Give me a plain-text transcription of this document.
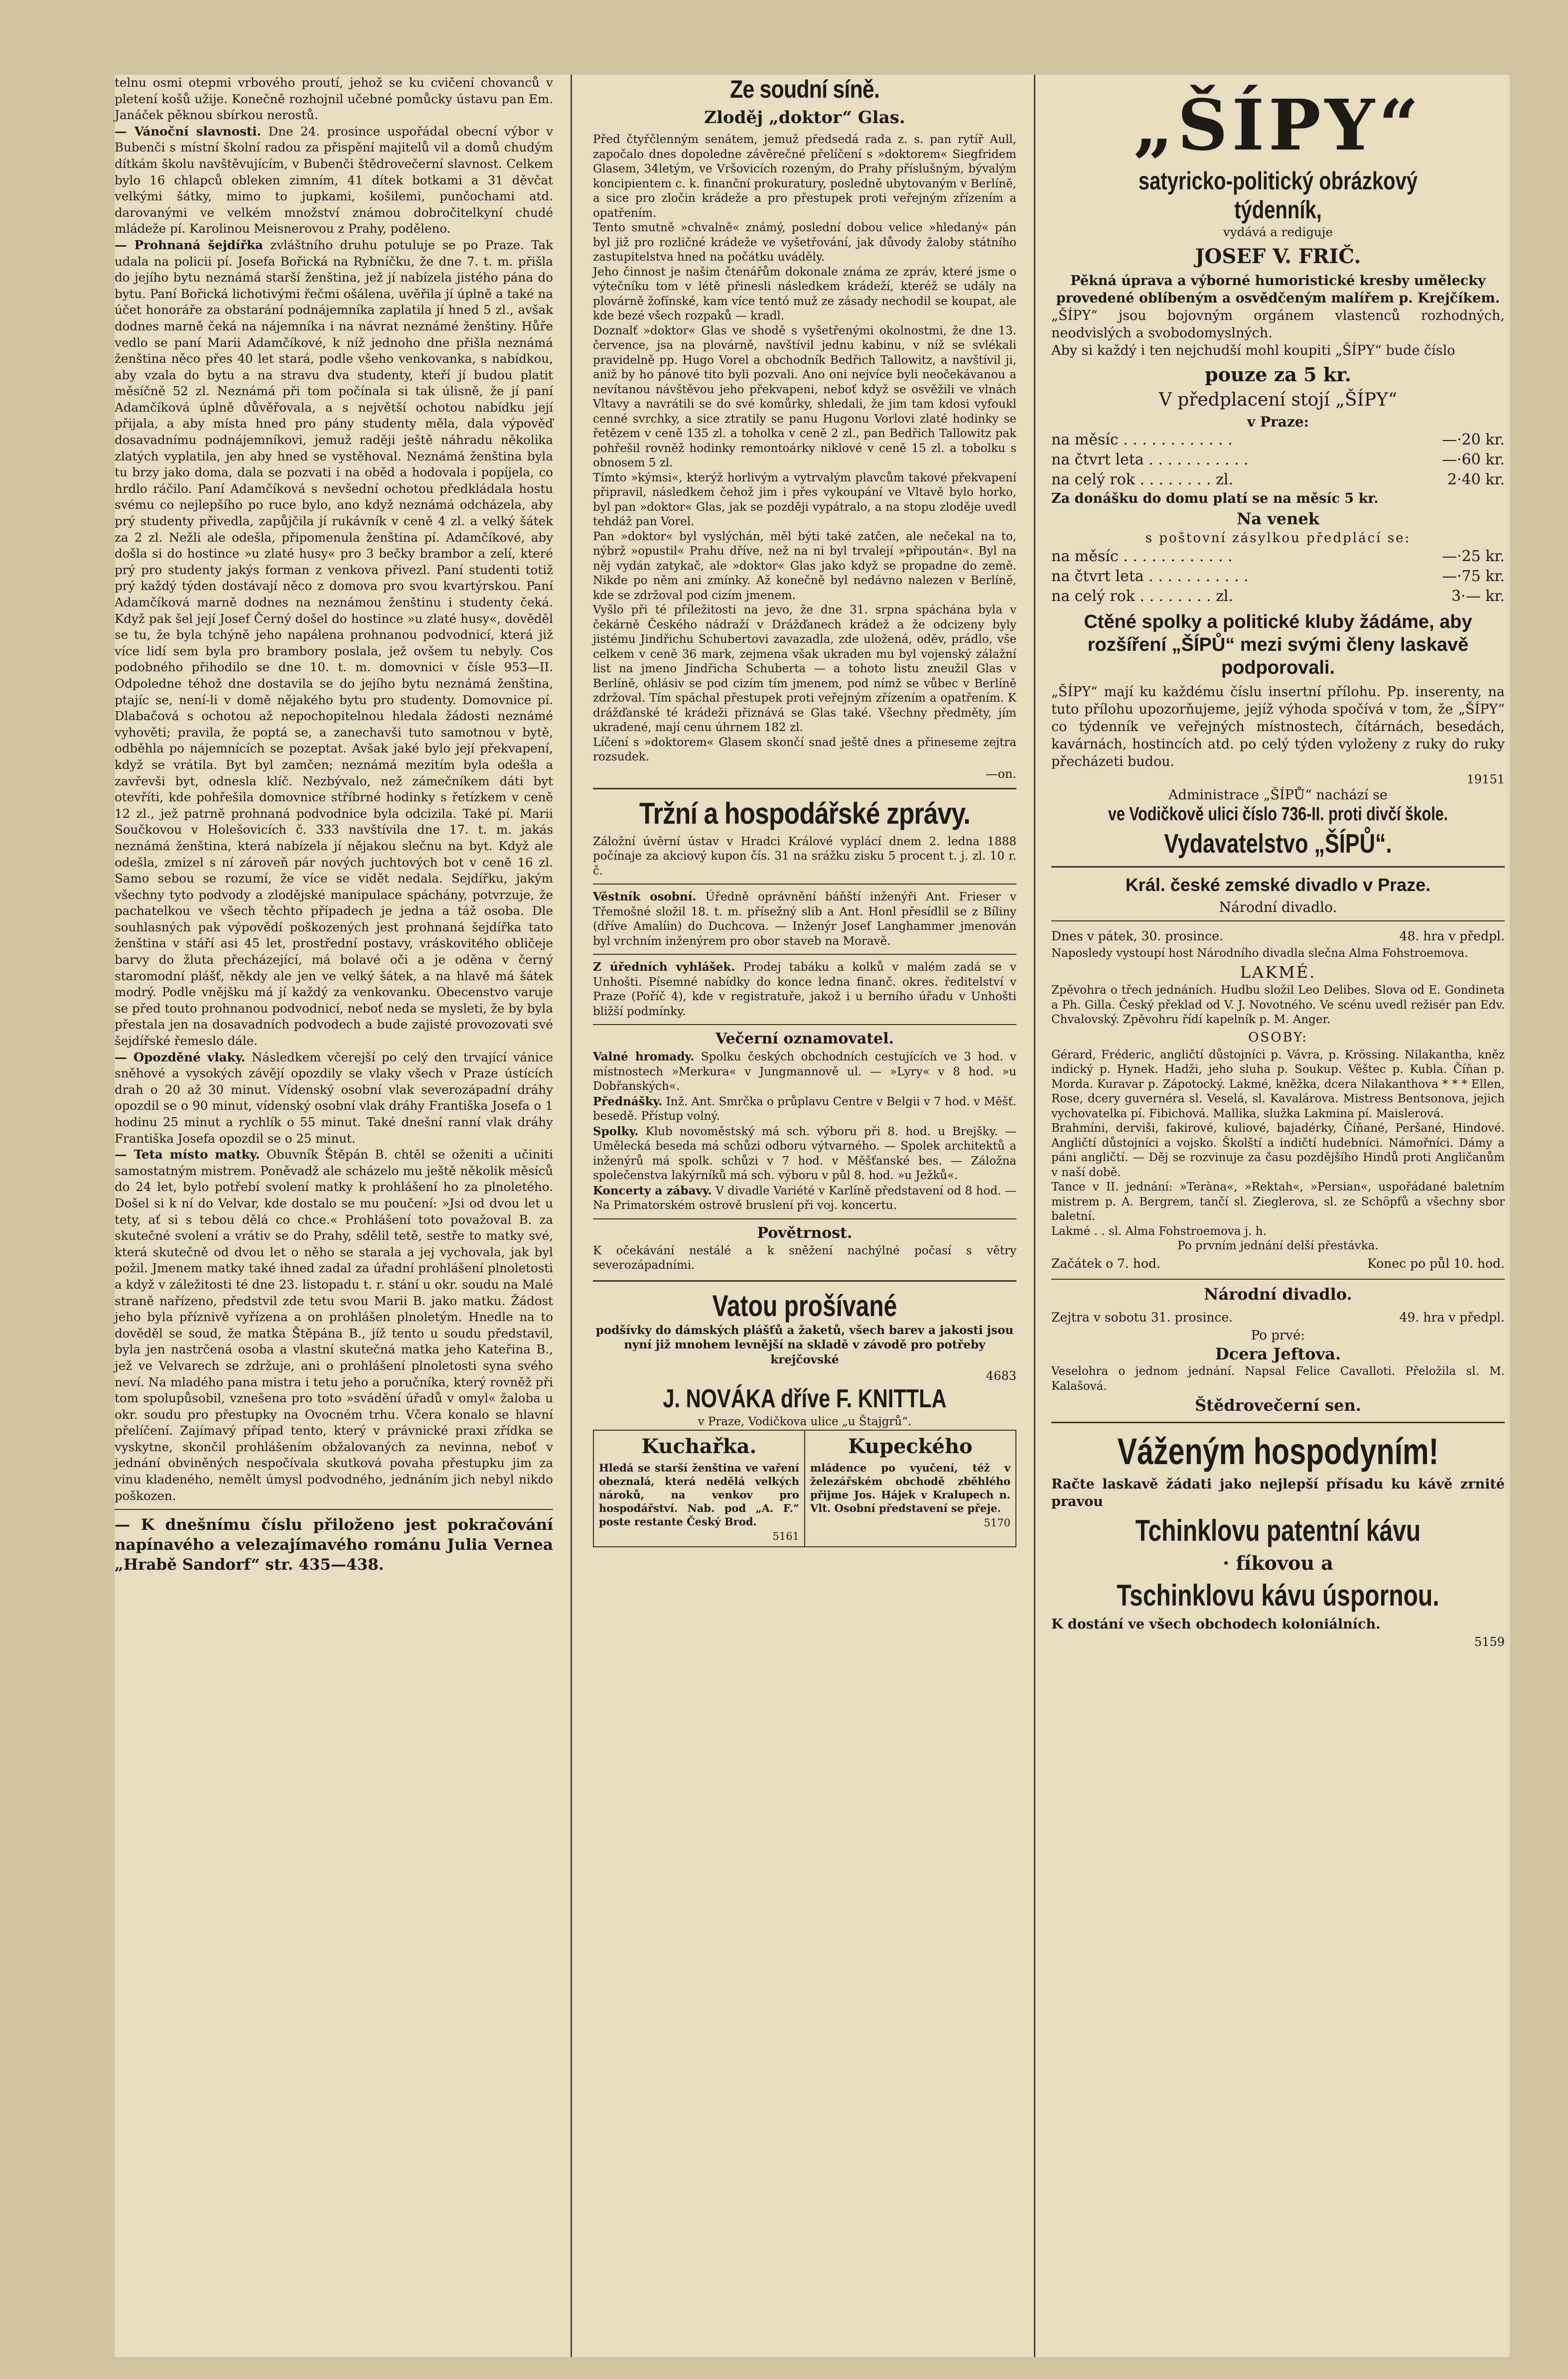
telnu osmi otepmi vrbového proutí, jehož se ku cvičení chovanců v pletení košů užije. Konečně rozhojnil učebné pomůcky ústavu pan Em. Janáček pěknou sbírkou nerostů.

— Vánoční slavnosti. Dne 24. prosince uspořádal obecní výbor v Bubenči s místní školní radou za přispění majitelů vil a domů chudým dítkám školu navštěvujícím, v Bubenči štědrovečerní slavnost. Celkem bylo 16 chlapců obleken zimním, 41 dítek botkami a 31 děvčat velkými šátky, mimo to jupkami, košilemi, punčochami atd. darovanými ve velkém množství známou dobročitelkyní chudé mládeže pí. Karolinou Meisnerovou z Prahy, poděleno.

— Prohnaná šejdířka zvláštního druhu potuluje se po Praze. Tak udala na policii pí. Josefa Bořická na Rybníčku, že dne 7. t. m. přišla do jejího bytu neznámá starší ženština, jež jí nabízela jistého pána do bytu. Paní Bořická lichotivými řečmi ošálena, uvěřila jí úplně a také na účet honoráře za obstarání podnájemníka zaplatila jí hned 5 zl., avšak dodnes marně čeká na nájemníka i na návrat neznámé ženštiny. Hůře vedlo se paní Marii Adamčíkové, k níž jednoho dne přišla neznámá ženština něco přes 40 let stará, podle všeho venkovanka, s nabídkou, aby vzala do bytu a na stravu dva studenty, kteří jí budou platit měsíčně 52 zl. Neznámá při tom počínala si tak úlisně, že jí paní Adamčíková úplně důvěřovala, a s největší ochotou nabídku její přijala, a aby místa hned pro pány studenty měla, dala výpověď dosavadnímu podnájemníkovi, jemuž raději ještě náhradu několika zlatých vyplatila, jen aby hned se vystěhoval. Neznámá ženština byla tu brzy jako doma, dala se pozvati i na oběd a hodovala i popíjela, co hrdlo ráčilo. Paní Adamčíková s nevšední ochotou předkládala hostu svému co nejlepšího po ruce bylo, ano když neznámá odcházela, aby prý studenty přivedla, zapůjčila jí rukávník v ceně 4 zl. a velký šátek za 2 zl. Nežli ale odešla, připomenula ženština pí. Adamčíkové, aby došla si do hostince »u zlaté husy« pro 3 bečky brambor a zelí, které prý pro studenty jakýs forman z venkova přivezl. Paní studenti totiž prý každý týden dostávají něco z domova pro svou kvartýrskou. Paní Adamčíková marně dodnes na neznámou ženštinu i studenty čeká. Když pak šel její Josef Černý došel do hostince »u zlaté husy«, dověděl se tu, že byla tchýně jeho napálena prohnanou podvodnicí, která již více lidí sem byla pro brambory poslala, jež ovšem tu nebyly. Cos podobného přihodilo se dne 10. t. m. domovnici v čísle 953—II. Odpoledne téhož dne dostavila se do jejího bytu neznámá ženština, ptajíc se, není-li v domě nějakého bytu pro studenty. Domovnice pí. Dlabačová s ochotou až nepochopitelnou hledala žádosti neznámé vyhověti; pravila, že poptá se, a zanechavši tuto samotnou v bytě, odběhla po nájemnících se pozeptat. Avšak jaké bylo její překvapení, když se vrátila. Byt byl zamčen; neznámá mezitím byla odešla a zavřevši byt, odnesla klíč. Nezbývalo, než zámečníkem dáti byt otevříti, kde pohřešila domovnice stříbrné hodinky s řetízkem v ceně 12 zl., jež patrně prohnaná podvodnice byla odcizila. Také pí. Marii Součkovou v Holešovicích č. 333 navštívila dne 17. t. m. jakás neznámá ženština, která nabízela jí nějakou slečnu na byt. Když ale odešla, zmizel s ní zároveň pár nových juchtových bot v ceně 16 zl. Samo sebou se rozumí, že více se vidět nedala. Sejdířku, jakým všechny tyto podvody a zlodějské manipulace spáchány, potvrzuje, že pachatelkou ve všech těchto případech je jedna a táž osoba. Dle souhlasných pak výpovědí poškozených jest prohnaná šejdířka tato ženština v stáří asi 45 let, prostřední postavy, vráskovitého obličeje barvy do žluta přecházející, má bolavé oči a je oděna v černý staromodní plášť, někdy ale jen ve velký šátek, a na hlavě má šátek modrý. Podle vnějšku má jí každý za venkovanku. Obecenstvo varuje se před touto prohnanou podvodnicí, neboť neda se mysleti, že by byla přestala jen na dosavadních podvodech a bude zajisté provozovati své šejdířské řemeslo dále.

— Opozděné vlaky. Následkem včerejší po celý den trvající vánice sněhové a vysokých závějí opozdily se vlaky všech v Praze ústících drah o 20 až 30 minut. Vídenský osobní vlak severozápadní dráhy opozdil se o 90 minut, vídenský osobní vlak dráhy Františka Josefa o 1 hodinu 25 minut a rychlík o 55 minut. Také dnešní ranní vlak dráhy Františka Josefa opozdil se o 25 minut.

— Teta místo matky. Obuvník Štěpán B. chtěl se oženiti a učiniti samostatným mistrem. Poněvadž ale scházelo mu ještě několik měsíců do 24 let, bylo potřebí svolení matky k prohlášení ho za plnoletého. Došel si k ní do Velvar, kde dostalo se mu poučení: »Jsi od dvou let u tety, ať si s tebou dělá co chce.« Prohlášení toto považoval B. za skutečné svolení a vrátiv se do Prahy, sdělil tetě, sestře to matky své, která skutečně od dvou let o něho se starala a jej vychovala, jak byl požil. Jmenem matky také ihned zadal za úřadní prohlášení plnoletosti a když v záležitosti té dne 23. listopadu t. r. stání u okr. soudu na Malé straně nařízeno, předstvil zde tetu svou Marii B. jako matku. Žádost jeho byla příznivě vyřízena a on prohlášen plnoletým. Hnedle na to dověděl se soud, že matka Štěpána B., jíž tento u soudu představil, byla jen nastrčená osoba a vlastní skutečná matka jeho Kateřina B., jež ve Velvarech se zdržuje, ani o prohlášení plnoletosti syna svého neví. Na mladého pana mistra i tetu jeho a poručníka, který rovněž při tom spolupůsobil, vznešena pro toto »svádění úřadů v omyl« žaloba u okr. soudu pro přestupky na Ovocném trhu. Včera konalo se hlavní přelíčení. Zajímavý případ tento, který v právnické praxi zřídka se vyskytne, skončil prohlášením obžalovaných za nevinna, neboť v jednání obviněných nespočívala skutková povaha přestupku jim za vinu kladeného, nemělt úmysl podvodného, jednáním jich nebyl nikdo poškozen.

— K dnešnímu číslu přiloženo jest pokračování napínavého a velezajímavého románu Julia Vernea „Hrabě Sandorf“ str. 435—438.

Ze soudní síně.
Zloděj „doktor“ Glas.

Před čtyřčlenným senátem, jemuž předsedá rada z. s. pan rytíř Aull, započalo dnes dopoledne závěrečné přelíčení s »doktorem« Siegfridem Glasem, 34letým, ve Vršovicích rozeným, do Prahy příslušným, bývalým koncipientem c. k. finanční prokuratury, posledně ubytovaným v Berlíně, a sice pro zločin krádeže a pro přestupek proti veřejným zřízením a opatřením.

Tento smutně »chvalně« známý, poslední dobou velice »hledaný« pán byl již pro rozličné krádeže ve vyšetřování, jak důvody žaloby státního zastupitelstva hned na počátku uváděly.

Jeho činnost je našim čtenářům dokonale známa ze zpráv, které jsme o výtečníku tom v létě přinesli následkem krádeží, kteréž se udály na plovárně žofínské, kam více tentó muž ze zásady nechodil se koupat, ale kde bezé všech rozpaků — kradl.

Doznalť »doktor« Glas ve shodě s vyšetřenými okolnostmi, že dne 13. července, jsa na plovárně, navštívil jednu kabinu, v níž se svlékali pravidelně pp. Hugo Vorel a obchodník Bedřich Tallowitz, a navštívil ji, aniž by ho pánové tito byli pozvali. Ano oni nejvíce byli neočekávanou a nevítanou návštěvou jeho překvapeni, neboť když se osvěžili ve vlnách Vltavy a navrátili se do své komůrky, shledali, že jim tam kdosi vyfoukl cenné svrchky, a sice ztratily se panu Hugonu Vorlovi zlaté hodinky se řetězem v ceně 135 zl. a toholka v ceně 2 zl., pan Bedřich Tallowitz pak pohřešil rovněž hodinky remontoárky niklové v ceně 15 zl. a tobolku s obnosem 5 zl.

Tímto »kýmsi«, kterýž horlivým a vytrvalým plavcům takové překvapení připravil, následkem čehož jim i přes vykoupání ve Vltavě bylo horko, byl pan »doktor« Glas, jak se později vypátralo, a na stopu zloděje uvedl tehdáž pan Vorel.

Pan »doktor« byl vyslýchán, měl býti také zatčen, ale nečekal na to, nýbrž »opustil« Prahu dříve, než na ni byl trvalejí »připoután«. Byl na něj vydán zatykač, ale »doktor« Glas jako když se propadne do země. Nikde po něm ani zmínky. Až konečně byl nedávno nalezen v Berlíně, kde se zdržoval pod cizím jmenem.

Vyšlo při té příležitosti na jevo, že dne 31. srpna spáchána byla v čekárně Českého nádraží v Drážďanech krádež a že odcizeny byly jistému Jindřichu Schubertovi zavazadla, zde uložená, oděv, prádlo, vše celkem v ceně 36 mark, zejmena však ukraden mu byl vojenský zálažní list na jmeno Jindřicha Schuberta — a tohoto listu zneužil Glas v Berlíně, ohlásiv se pod cizím tím jmenem, pod nímž se vůbec v Berlíně zdržoval. Tím spáchal přestupek proti veřejným zřízením a opatřením. K drážďanské té krádeži přiznává se Glas také. Všechny předměty, jím ukradené, mají cenu úhrnem 182 zl.

Líčení s »doktorem« Glasem skončí snad ještě dnes a přineseme zejtra rozsudek.

—on.
Tržní a hospodářské zprávy.

Záložní úvěrní ústav v Hradci Králové vyplácí dnem 2. ledna 1888 počínaje za akciový kupon čís. 31 na srážku zisku 5 procent t. j. zl. 10 r. č.

Věstník osobní. Úředně oprávnění báňští inženýři Ant. Frieser v Třemošné složil 18. t. m. přísežný slib a Ant. Honl přesídlil se z Bíliny (dříve Amalíin) do Duchcova. — Inženýr Josef Langhammer jmenován byl vrchním inženýrem pro obor staveb na Moravě.

Z úředních vyhlášek. Prodej tabáku a kolků v malém zadá se v Unhošti. Písemné nabídky do konce ledna finanč. okres. ředitelství v Praze (Poříč 4), kde v registratuře, jakož i u berního úřadu v Unhošti bližší podmínky.

Večerní oznamovatel.

Valné hromady. Spolku českých obchodních cestujících ve 3 hod. v místnostech »Merkura« v Jungmannově ul. — »Lyry« v 8 hod. »u Dobřanských«.

Přednášky. Inž. Ant. Smrčka o průplavu Centre v Belgii v 7 hod. v Měšť. besedě. Přístup volný.

Spolky. Klub novoměstský má sch. výboru při 8. hod. u Brejšky. — Umělecká beseda má schůzi odboru výtvarného. — Spolek architektů a inženýrů má spolk. schůzi v 7 hod. v Měšťanské bes. — Záložna společenstva lakýrníků má sch. výboru v půl 8. hod. »u Ježků«.

Koncerty a zábavy. V divadle Variété v Karlíně představení od 8 hod. — Na Primatorském ostrově bruslení při voj. koncertu.

Povětrnost.

K očekávání nestálé a k sněžení nachýlné počasí s větry severozápadními.

Vatou prošívané

podšívky do dámských plášťů a žaketů, všech barev a jakosti jsou nyní již mnohem levnější na skladě v závodě pro potřeby krejčovské

4683
J. NOVÁKA dříve F. KNITTLA

v Praze, Vodičkova ulice „u Štajgrů“.

Kuchařka.

Hledá se starší ženština ve vaření obeznalá, která nedělá velkých nároků, na venkov pro hospodářství. Nab. pod „A. F.“ poste restante Český Brod.

5161
Kupeckého

mládence po vyučení, též v železářském obchodě zběhlého přijme Jos. Hájek v Kralupech n. Vlt. Osobní představení se přeje.

5170
„ŠÍPY“
satyricko-politický obrázkový týdenník,

vydává a rediguje

JOSEF V. FRIČ.

Pěkná úprava a výborné humoristické kresby umělecky provedené oblíbeným a osvědčeným malířem p. Krejčíkem.

„ŠÍPY“ jsou bojovným orgánem vlastenců rozhodných, neodvislých a svobodomyslných.

Aby si každý i ten nejchudší mohl koupiti „ŠÍPY“ bude číslo

pouze za 5 kr.
V předplacení stojí „ŠÍPY“

v Praze:

na měsíc . . . . . . . . . . . .	—·20 kr.
na čtvrt leta . . . . . . . . . . .	—·60 kr.
na celý rok . . . . . . . . zl.	2·40 kr.

Za donášku do domu platí se na měsíc 5 kr.

Na venek

s poštovní zásylkou předplácí se:

na měsíc . . . . . . . . . . . .	—·25 kr.
na čtvrt leta . . . . . . . . . . .	—·75 kr.
na celý rok . . . . . . . . zl.	3·— kr.

Ctěné spolky a politické kluby žádáme, aby rozšíření „ŠÍPŮ“ mezi svými členy laskavě podporovali.

„ŠÍPY“ mají ku každému číslu insertní přílohu. Pp. inserenty, na tuto přílohu upozorňujeme, jejíž výhoda spočívá v tom, že „ŠÍPY“ co týdenník ve veřejných místnostech, čítárnách, besedách, kavárnách, hostincích atd. po celý týden vyloženy z ruky do ruky přecházeti budou.

19151

Administrace „ŠÍPŮ“ nachází se

ve Vodičkově ulici číslo 736-II. proti divčí škole.
Vydavatelstvo „ŠÍPŮ“.
Král. české zemské divadlo v Praze.

Národní divadlo.

Dnes v pátek, 30. prosince.	48. hra v předpl.

Naposledy vystoupí host Národního divadla slečna Alma Fohstroemova.

LAKMÉ.

Zpěvohra o třech jednáních. Hudbu složil Leo Delibes. Slova od E. Gondineta a Ph. Gilla. Český překlad od V. J. Novotného. Ve scénu uvedl režisér pan Edv. Chvalovský. Zpěvohru řídí kapelník p. M. Anger.

OSOBY:

Gérard, Fréderic, angličtí důstojníci p. Vávra, p. Krössing. Nilakantha, kněz indický p. Hynek. Hadži, jeho sluha p. Soukup. Věštec p. Kubla. Číňan p. Morda. Kuravar p. Zápotocký. Lakmé, kněžka, dcera Nilakanthova * * * Ellen, Rose, dcery guvernéra sl. Veselá, sl. Kavalárova. Mistress Bentsonova, jejich vychovatelka pí. Fibichová. Mallika, služka Lakmina pí. Maislerová.

Brahmíni, derviši, fakirové, kuliové, bajadérky, Číňané, Peršané, Hindové. Angličtí důstojníci a vojsko. Školští a indičtí hudebníci. Námořníci. Dámy a páni angličtí. — Děj se rozvinuje za času pozdějšího Hindů proti Angličanům v naší době.

Tance v II. jednání: »Teràna«, »Rektah«, »Persian«, uspořádané baletním mistrem p. A. Bergrem, tančí sl. Zieglerova, sl. ze Schöpfů a všechny sbor baletní.

Lakmé . . sl. Alma Fohstroemova j. h.

Po prvním jednání delší přestávka.

Začátek o 7. hod.	Konec po půl 10. hod.
Národní divadlo.
Zejtra v sobotu 31. prosince.	49. hra v předpl.

Po prvé:

Dcera Jeftova.

Veselohra o jednom jednání. Napsal Felice Cavalloti. Přeložila sl. M. Kalašová.

Štědrovečerní sen.
Váženým hospodyním!

Račte laskavě žádati jako nejlepší přísadu ku kávě zrnité pravou

Tchinklovu patentní kávu
· fíkovou a
Tschinklovu kávu úspornou.

K dostání ve všech obchodech koloniálních.

5159
